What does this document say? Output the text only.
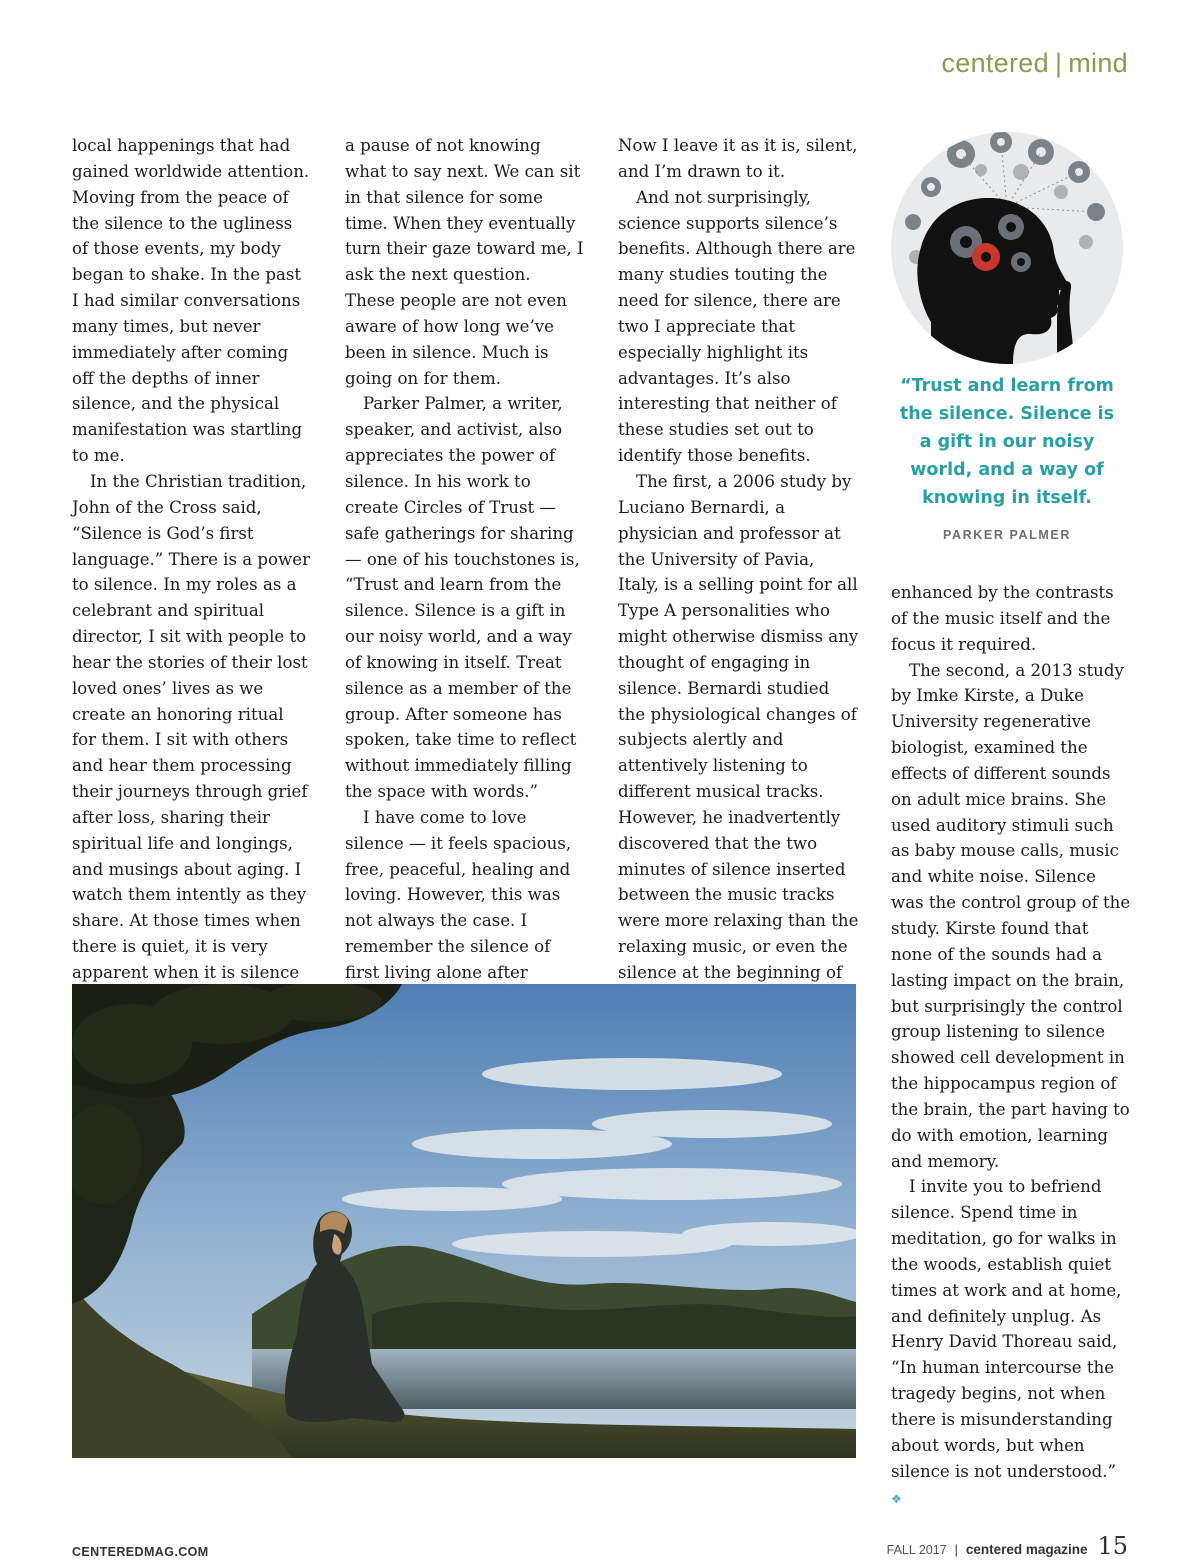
centered | mind

local happenings that had gained worldwide attention. Moving from the peace of the silence to the ugliness of those events, my body began to shake. In the past I had similar conversations many times, but never immediately after coming off the depths of inner silence, and the physical manifestation was startling to me.

In the Christian tradition, John of the Cross said, “Silence is God’s first language.” There is a power to silence. In my roles as a celebrant and spiritual director, I sit with people to hear the stories of their lost loved ones’ lives as we create an honoring ritual for them. I sit with others and hear them processing their journeys through grief after loss, sharing their spiritual life and longings, and musings about aging. I watch them intently as they share. At those times when there is quiet, it is very apparent when it is silence

a pause of not knowing what to say next. We can sit in that silence for some time. When they eventually turn their gaze toward me, I ask the next question. These people are not even aware of how long we’ve been in silence. Much is going on for them.

Parker Palmer, a writer, speaker, and activist, also appreciates the power of silence. In his work to create Circles of Trust — safe gatherings for sharing — one of his touchstones is, “Trust and learn from the silence. Silence is a gift in our noisy world, and a way of knowing in itself. Treat silence as a member of the group. After someone has spoken, take time to reflect without immediately filling the space with words.”

I have come to love silence — it feels spacious, free, peaceful, healing and loving. However, this was not always the case. I remember the silence of first living alone after

Now I leave it as it is, silent, and I’m drawn to it.

And not surprisingly, science supports silence’s benefits. Although there are many studies touting the need for silence, there are two I appreciate that especially highlight its advantages. It’s also interesting that neither of these studies set out to identify those benefits.

The first, a 2006 study by Luciano Bernardi, a physician and professor at the University of Pavia, Italy, is a selling point for all Type A personalities who might otherwise dismiss any thought of engaging in silence. Bernardi studied the physiological changes of subjects alertly and attentively listening to different musical tracks. However, he inadvertently discovered that the two minutes of silence inserted between the music tracks were more relaxing than the relaxing music, or even the silence at the beginning of

“Trust and learn from the silence. Silence is a gift in our noisy world, and a way of knowing in itself.
PARKER PALMER

enhanced by the contrasts of the music itself and the focus it required.

The second, a 2013 study by Imke Kirste, a Duke University regenerative biologist, examined the effects of different sounds on adult mice brains. She used auditory stimuli such as baby mouse calls, music and white noise. Silence was the control group of the study. Kirste found that none of the sounds had a lasting impact on the brain, but surprisingly the control group listening to silence showed cell development in the hippocampus region of the brain, the part having to do with emotion, learning and memory.

I invite you to befriend silence. Spend time in meditation, go for walks in the woods, establish quiet times at work and at home, and definitely unplug. As Henry David Thoreau said, “In human intercourse the tragedy begins, not when there is misunderstanding about words, but when silence is not understood.” ❖

CENTEREDMAG.COM	FALL 2017 | centered magazine 15
